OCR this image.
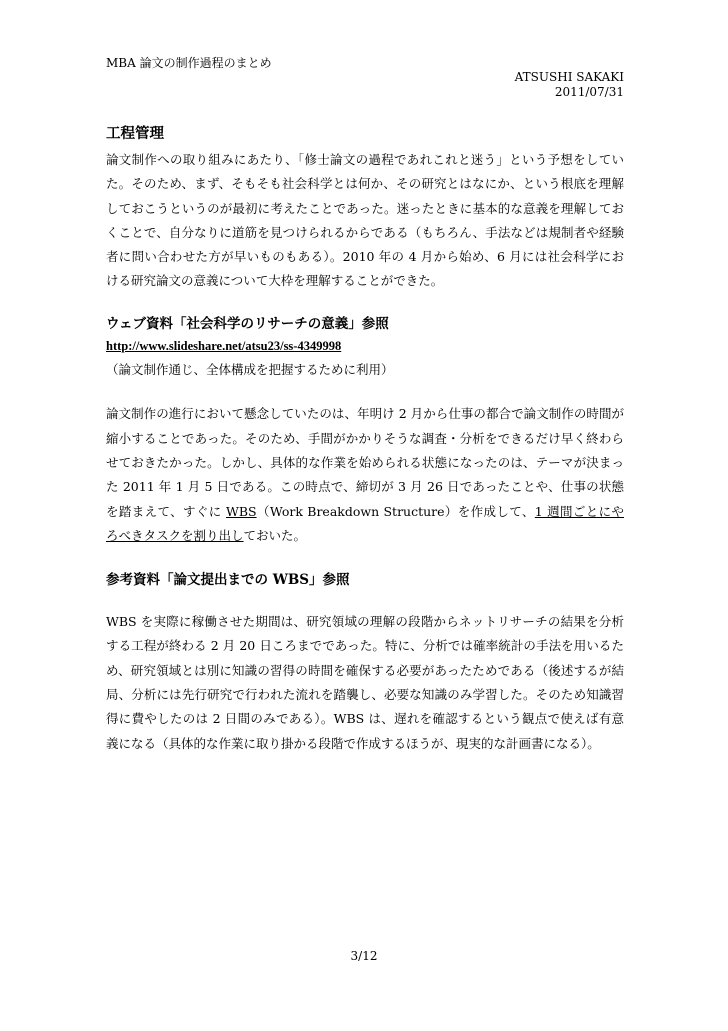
MBA 論文の制作過程のまとめ
ATSUSHI SAKAKI
2011/07/31
工程管理

論文制作への取り組みにあたり、「修士論文の過程であれこれと迷う」という予想をしていた。そのため、まず、そもそも社会科学とは何か、その研究とはなにか、という根底を理解しておこうというのが最初に考えたことであった。迷ったときに基本的な意義を理解しておくことで、自分なりに道筋を見つけられるからである（もちろん、手法などは規制者や経験者に問い合わせた方が早いものもある）。2010 年の 4 月から始め、6 月には社会科学における研究論文の意義について大枠を理解することができた。

ウェブ資料「社会科学のリサーチの意義」参照

http://www.slideshare.net/atsu23/ss-4349998（論文制作通じ、全体構成を把握するために利用）

論文制作の進行において懸念していたのは、年明け 2 月から仕事の都合で論文制作の時間が縮小することであった。そのため、手間がかかりそうな調査・分析をできるだけ早く終わらせておきたかった。しかし、具体的な作業を始められる状態になったのは、テーマが決まった 2011 年 1 月 5 日である。この時点で、締切が 3 月 26 日であったことや、仕事の状態を踏まえて、すぐに WBS（Work Breakdown Structure）を作成して、1 週間ごとにやろべきタスクを割り出しておいた。

参考資料「論文提出までの WBS」参照

WBS を実際に稼働させた期間は、研究領域の理解の段階からネットリサーチの結果を分析する工程が終わる 2 月 20 日ころまでであった。特に、分析では確率統計の手法を用いるため、研究領域とは別に知識の習得の時間を確保する必要があったためである（後述するが結局、分析には先行研究で行われた流れを踏襲し、必要な知識のみ学習した。そのため知識習得に費やしたのは 2 日間のみである）。WBS は、遅れを確認するという観点で使えば有意義になる（具体的な作業に取り掛かる段階で作成するほうが、現実的な計画書になる）。

3/12
